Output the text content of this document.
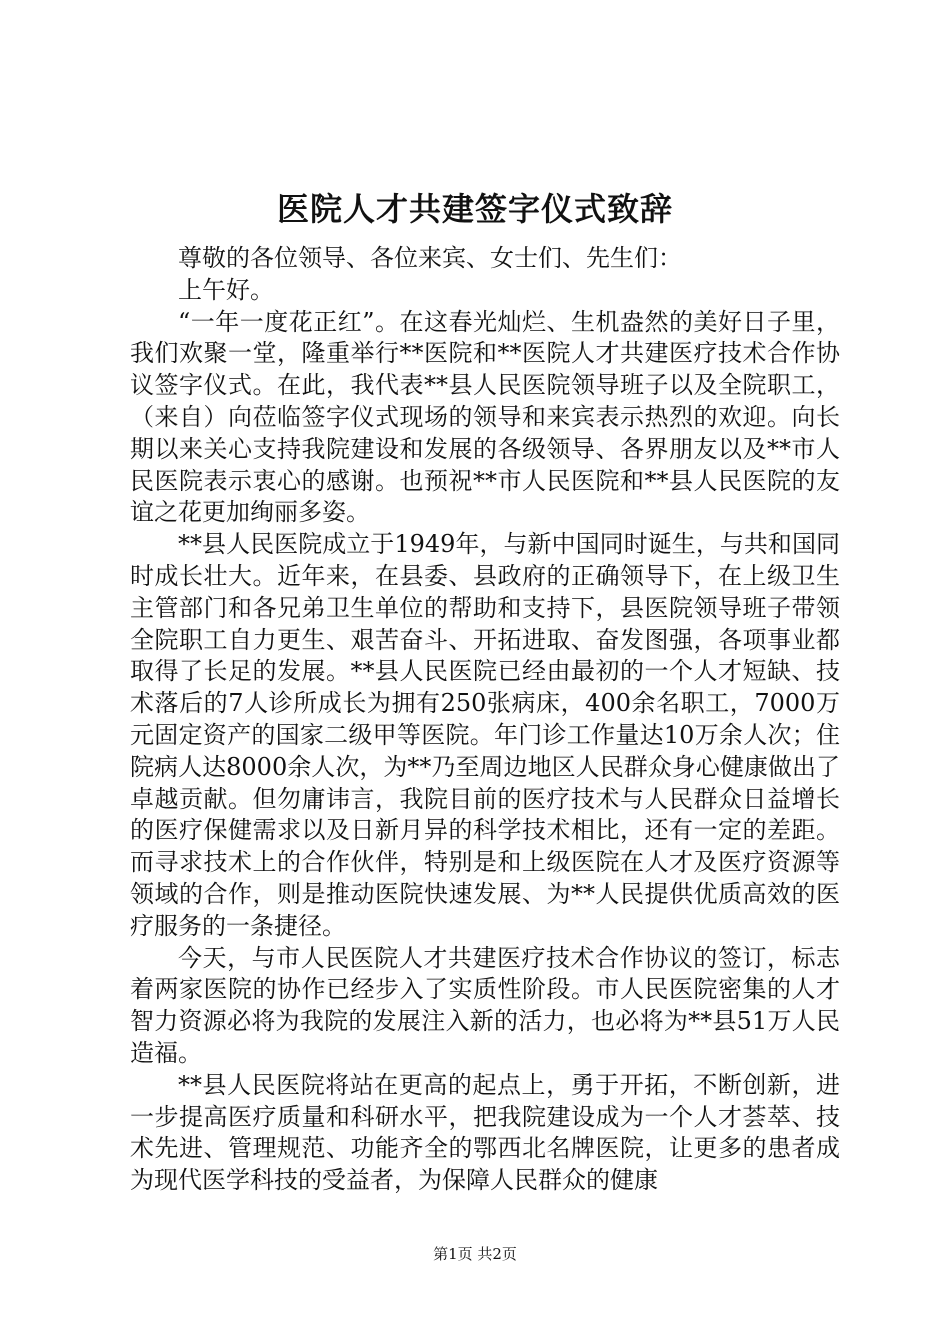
医院人才共建签字仪式致辞

尊敬的各位领导、各位来宾、女士们、先生们：

上午好。

“一年一度花正红”。在这春光灿烂、生机盎然的美好日子里，我们欢聚一堂，隆重举行**医院和**医院人才共建医疗技术合作协议签字仪式。在此，我代表**县人民医院领导班子以及全院职工，（来自）向莅临签字仪式现场的领导和来宾表示热烈的欢迎。向长期以来关心支持我院建设和发展的各级领导、各界朋友以及**市人民医院表示衷心的感谢。也预祝**市人民医院和**县人民医院的友谊之花更加绚丽多姿。

**县人民医院成立于1949年，与新中国同时诞生，与共和国同时成长壮大。近年来，在县委、县政府的正确领导下，在上级卫生主管部门和各兄弟卫生单位的帮助和支持下，县医院领导班子带领全院职工自力更生、艰苦奋斗、开拓进取、奋发图强，各项事业都取得了长足的发展。**县人民医院已经由最初的一个人才短缺、技术落后的7人诊所成长为拥有250张病床，400余名职工，7000万元固定资产的国家二级甲等医院。年门诊工作量达10万余人次；住院病人达8000余人次，为**乃至周边地区人民群众身心健康做出了卓越贡献。但勿庸讳言，我院目前的医疗技术与人民群众日益增长的医疗保健需求以及日新月异的科学技术相比，还有一定的差距。而寻求技术上的合作伙伴，特别是和上级医院在人才及医疗资源等领域的合作，则是推动医院快速发展、为**人民提供优质高效的医疗服务的一条捷径。

今天，与市人民医院人才共建医疗技术合作协议的签订，标志着两家医院的协作已经步入了实质性阶段。市人民医院密集的人才智力资源必将为我院的发展注入新的活力，也必将为**县51万人民造福。

**县人民医院将站在更高的起点上，勇于开拓，不断创新，进一步提高医疗质量和科研水平，把我院建设成为一个人才荟萃、技术先进、管理规范、功能齐全的鄂西北名牌医院，让更多的患者成为现代医学科技的受益者，为保障人民群众的健康

第1页 共2页
